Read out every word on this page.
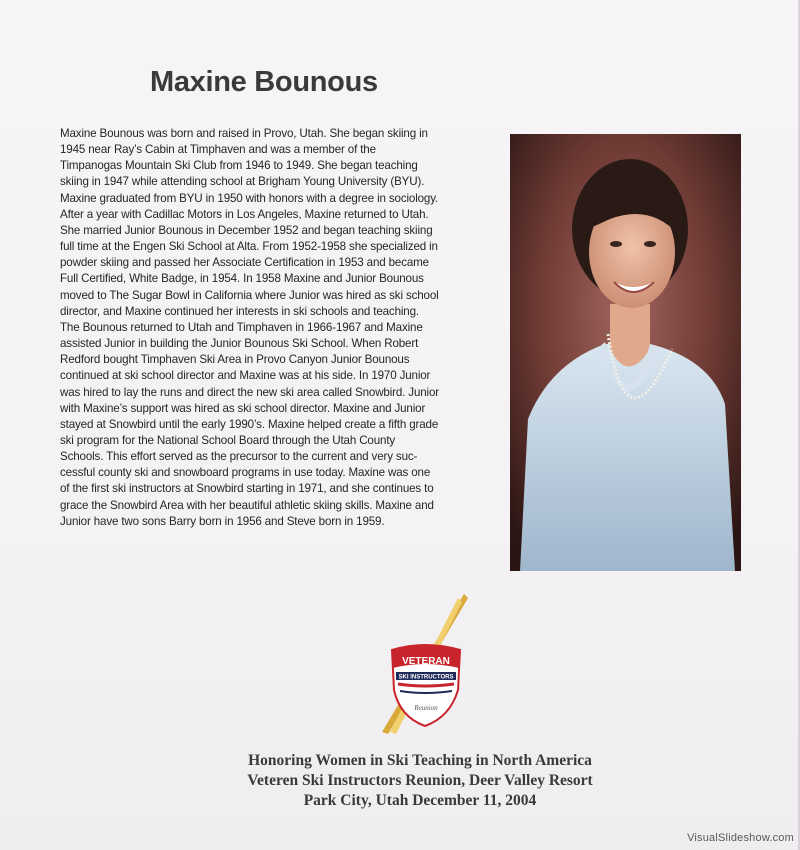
Maxine Bounous

Maxine Bounous was born and raised in Provo, Utah. She began skiing in

1945 near Ray’s Cabin at Timphaven and was a member of the

Timpanogas Mountain Ski Club from 1946 to 1949. She began teaching

skiing in 1947 while attending school at Brigham Young University (BYU).

Maxine graduated from BYU in 1950 with honors with a degree in sociology.

After a year with Cadillac Motors in Los Angeles, Maxine returned to Utah.

She married Junior Bounous in December 1952 and began teaching skiing

full time at the Engen Ski School at Alta. From 1952-1958 she specialized in

powder skiing and passed her Associate Certification in 1953 and became

Full Certified, White Badge, in 1954. In 1958 Maxine and Junior Bounous

moved to The Sugar Bowl in California where Junior was hired as ski school

director, and Maxine continued her interests in ski schools and teaching.

The Bounous returned to Utah and Timphaven in 1966-1967 and Maxine

assisted Junior in building the Junior Bounous Ski School. When Robert

Redford bought Timphaven Ski Area in Provo Canyon Junior Bounous

continued at ski school director and Maxine was at his side. In 1970 Junior

was hired to lay the runs and direct the new ski area called Snowbird. Junior

with Maxine’s support was hired as ski school director. Maxine and Junior

stayed at Snowbird until the early 1990’s. Maxine helped create a fifth grade

ski program for the National School Board through the Utah County

Schools. This effort served as the precursor to the current and very suc-

cessful county ski and snowboard programs in use today. Maxine was one

of the first ski instructors at Snowbird starting in 1971, and she continues to

grace the Snowbird Area with her beautiful athletic skiing skills. Maxine and

Junior have two sons Barry born in 1956 and Steve born in 1959.

VETERAN
SKI INSTRUCTORS
Reunion
Honoring Women in Ski Teaching in North America
Veteren Ski Instructors Reunion, Deer Valley Resort
Park City, Utah December 11, 2004
VisualSlideshow.com
